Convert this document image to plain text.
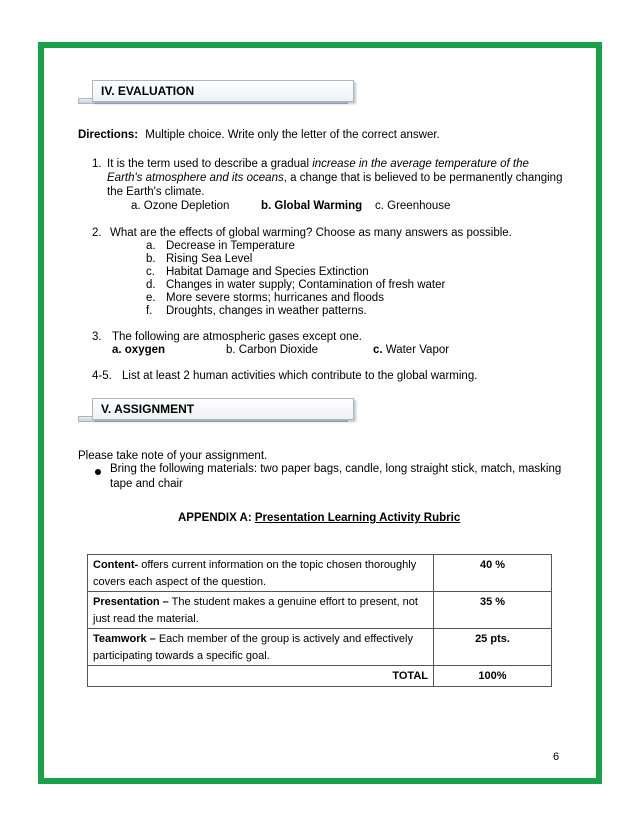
IV. EVALUATION
Directions: Multiple choice. Write only the letter of the correct answer.
1. It is the term used to describe a gradual increase in the average temperature of the
Earth's atmosphere and its oceans, a change that is believed to be permanently changing
the Earth's climate.
a. Ozone Depletion	b. Global Warming c. Greenhouse
2. What are the effects of global warming? Choose as many answers as possible.
a. Decrease in Temperature
b. Rising Sea Level
c. Habitat Damage and Species Extinction
d. Changes in water supply; Contamination of fresh water
e. More severe storms; hurricanes and floods
f. Droughts, changes in weather patterns.
3. The following are atmospheric gases except one.
a. oxygen	b. Carbon Dioxide	c. Water Vapor
4-5. List at least 2 human activities which contribute to the global warming.
V. ASSIGNMENT
Please take note of your assignment.
Bring the following materials: two paper bags, candle, long straight stick, match, masking
tape and chair
APPENDIX A: Presentation Learning Activity Rubric
Content- offers current information on the topic chosen thoroughly
covers each aspect of the question.	40 %
Presentation – The student makes a genuine effort to present, not
just read the material.	35 %
Teamwork – Each member of the group is actively and effectively
participating towards a specific goal.	25 pts.
TOTAL	100%
6
